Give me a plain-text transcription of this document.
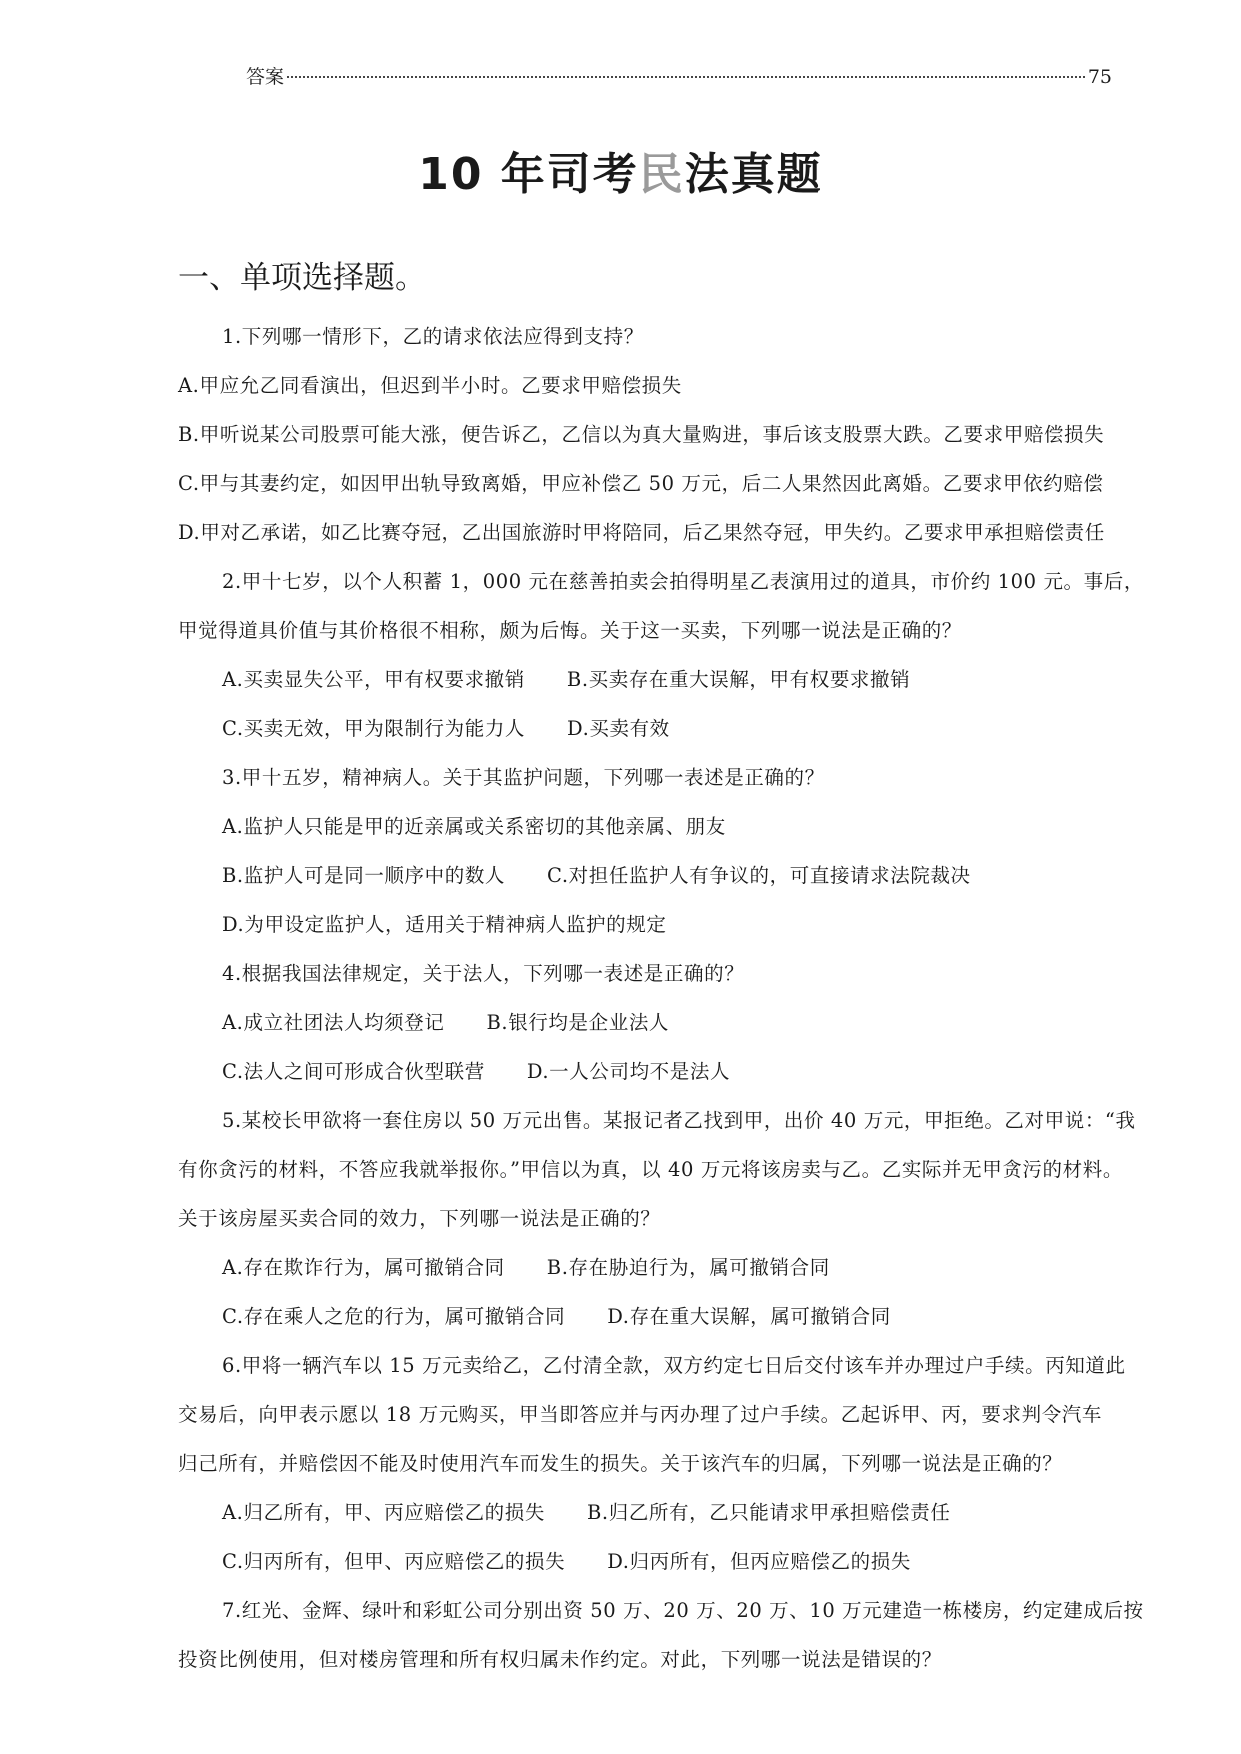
答案	75
10 年司考民法真题
一、单项选择题。
1.下列哪一情形下，乙的请求依法应得到支持？
A.甲应允乙同看演出，但迟到半小时。乙要求甲赔偿损失
B.甲听说某公司股票可能大涨，便告诉乙，乙信以为真大量购进，事后该支股票大跌。乙要求甲赔偿损失
C.甲与其妻约定，如因甲出轨导致离婚，甲应补偿乙 50 万元，后二人果然因此离婚。乙要求甲依约赔偿
D.甲对乙承诺，如乙比赛夺冠，乙出国旅游时甲将陪同，后乙果然夺冠，甲失约。乙要求甲承担赔偿责任
2.甲十七岁，以个人积蓄 1，000 元在慈善拍卖会拍得明星乙表演用过的道具，市价约 100 元。事后，
甲觉得道具价值与其价格很不相称，颇为后悔。关于这一买卖，下列哪一说法是正确的？
A.买卖显失公平，甲有权要求撤销 B.买卖存在重大误解，甲有权要求撤销
C.买卖无效，甲为限制行为能力人 D.买卖有效
3.甲十五岁，精神病人。关于其监护问题，下列哪一表述是正确的？
A.监护人只能是甲的近亲属或关系密切的其他亲属、朋友
B.监护人可是同一顺序中的数人 C.对担任监护人有争议的，可直接请求法院裁决
D.为甲设定监护人，适用关于精神病人监护的规定
4.根据我国法律规定，关于法人，下列哪一表述是正确的？
A.成立社团法人均须登记 B.银行均是企业法人
C.法人之间可形成合伙型联营 D.一人公司均不是法人
5.某校长甲欲将一套住房以 50 万元出售。某报记者乙找到甲，出价 40 万元，甲拒绝。乙对甲说：“我
有你贪污的材料，不答应我就举报你。”甲信以为真，以 40 万元将该房卖与乙。乙实际并无甲贪污的材料。
关于该房屋买卖合同的效力，下列哪一说法是正确的？
A.存在欺诈行为，属可撤销合同 B.存在胁迫行为，属可撤销合同
C.存在乘人之危的行为，属可撤销合同 D.存在重大误解，属可撤销合同
6.甲将一辆汽车以 15 万元卖给乙，乙付清全款，双方约定七日后交付该车并办理过户手续。丙知道此
交易后，向甲表示愿以 18 万元购买，甲当即答应并与丙办理了过户手续。乙起诉甲、丙，要求判令汽车
归己所有，并赔偿因不能及时使用汽车而发生的损失。关于该汽车的归属，下列哪一说法是正确的？
A.归乙所有，甲、丙应赔偿乙的损失 B.归乙所有，乙只能请求甲承担赔偿责任
C.归丙所有，但甲、丙应赔偿乙的损失 D.归丙所有，但丙应赔偿乙的损失
7.红光、金辉、绿叶和彩虹公司分别出资 50 万、20 万、20 万、10 万元建造一栋楼房，约定建成后按
投资比例使用，但对楼房管理和所有权归属未作约定。对此，下列哪一说法是错误的？
